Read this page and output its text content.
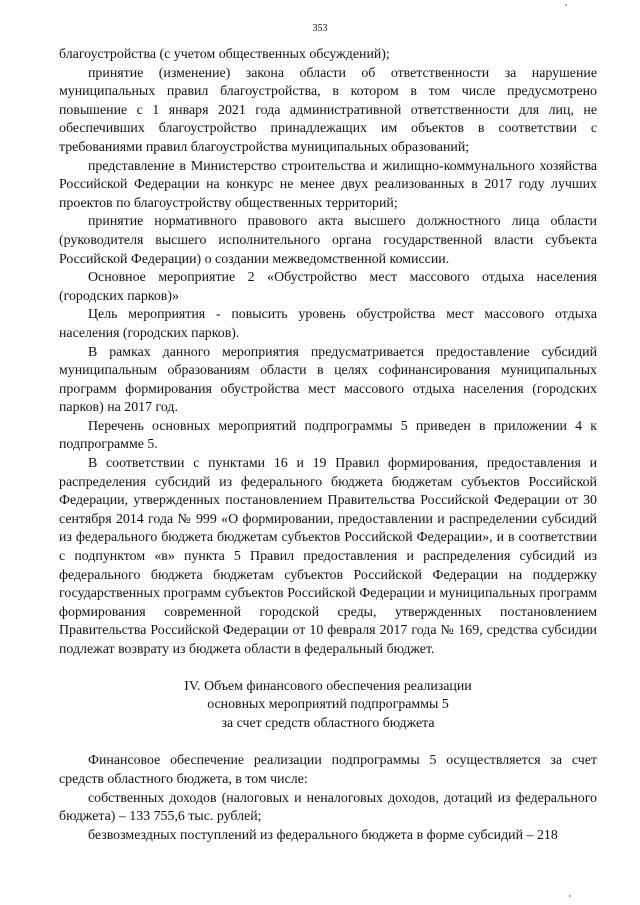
353

благоустройства (с учетом общественных обсуждений);

принятие (изменение) закона области об ответственности за нарушение муниципальных правил благоустройства, в котором в том числе предусмотрено повышение с 1 января 2021 года административной ответственности для лиц, не обеспечивших благоустройство принадлежащих им объектов в соответствии с требованиями правил благоустройства муниципальных образований;

представление в Министерство строительства и жилищно-коммунального хозяйства Российской Федерации на конкурс не менее двух реализованных в 2017 году лучших проектов по благоустройству общественных территорий;

принятие нормативного правового акта высшего должностного лица области (руководителя высшего исполнительного органа государственной власти субъекта Российской Федерации) о создании межведомственной комиссии.

Основное мероприятие 2 «Обустройство мест массового отдыха населения (городских парков)»

Цель мероприятия - повысить уровень обустройства мест массового отдыха населения (городских парков).

В рамках данного мероприятия предусматривается предоставление субсидий муниципальным образованиям области в целях софинансирования муниципальных программ формирования обустройства мест массового отдыха населения (городских парков) на 2017 год.

Перечень основных мероприятий подпрограммы 5 приведен в приложении 4 к подпрограмме 5.

В соответствии с пунктами 16 и 19 Правил формирования, предоставления и распределения субсидий из федерального бюджета бюджетам субъектов Российской Федерации, утвержденных постановлением Правительства Российской Федерации от 30 сентября 2014 года № 999 «О формировании, предоставлении и распределении субсидий из федерального бюджета бюджетам субъектов Российской Федерации», и в соответствии с подпунктом «в» пункта 5 Правил предоставления и распределения субсидий из федерального бюджета бюджетам субъектов Российской Федерации на поддержку государственных программ субъектов Российской Федерации и муниципальных программ формирования современной городской среды, утвержденных постановлением Правительства Российской Федерации от 10 февраля 2017 года № 169, средства субсидии подлежат возврату из бюджета области в федеральный бюджет.

IV. Объем финансового обеспечения реализации
основных мероприятий подпрограммы 5
за счет средств областного бюджета

Финансовое обеспечение реализации подпрограммы 5 осуществляется за счет средств областного бюджета, в том числе:

собственных доходов (налоговых и неналоговых доходов, дотаций из федерального бюджета) – 133 755,6 тыс. рублей;

безвозмездных поступлений из федерального бюджета в форме субсидий – 218
